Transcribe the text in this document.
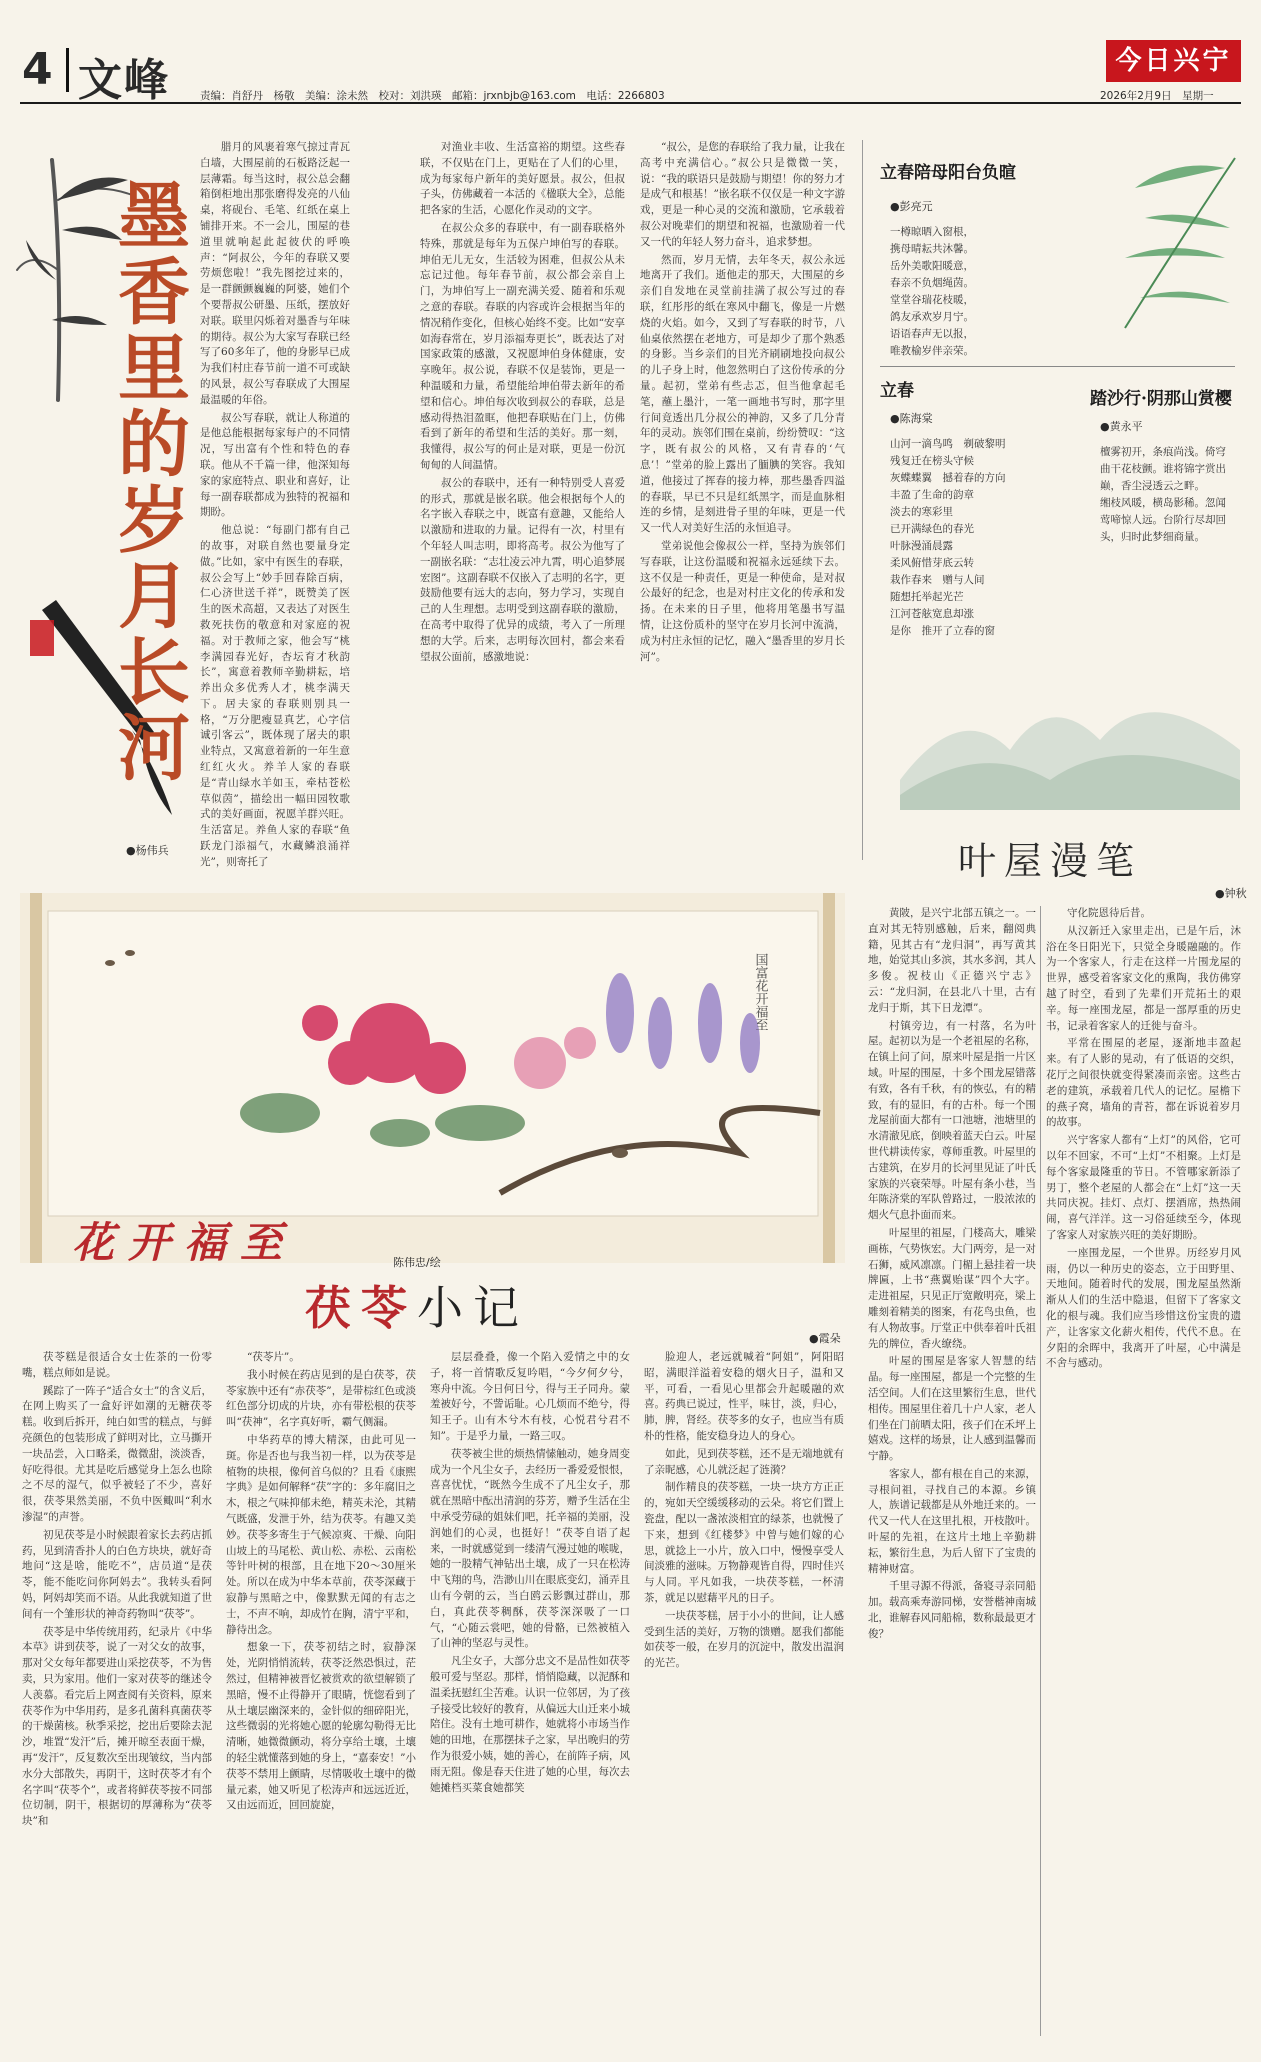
4 文峰	责编：肖舒丹　杨敬　美编：涂未然　校对：刘洪瑛　邮箱：jrxnbjb@163.com　电话：2266803
今日兴宁
2026年2月9日　星期一
墨香里的岁月长河
●杨伟兵

腊月的风裹着寒气掠过青瓦白墙，大围屋前的石板路泛起一层薄霜。每当这时，叔公总会翻箱倒柜地出那张磨得发亮的八仙桌，将砚台、毛笔、红纸在桌上铺排开来。不一会儿，围屋的巷道里就响起此起彼伏的呼唤声：“阿叔公，今年的春联又要劳烦您啦！”我先图挖过来的，是一群颤颤巍巍的阿婆，她们个个要帮叔公研墨、压纸，摆放好对联。联里闪烁着对墨香与年味的期待。叔公为大家写春联已经写了60多年了，他的身影早已成为我们村庄春节前一道不可或缺的风景，叔公写春联成了大围屋最温暖的年俗。

叔公写春联，就让人称道的是他总能根据每家每户的不同情况，写出富有个性和特色的春联。他从不千篇一律，他深知每家的家庭特点、职业和喜好，让每一副春联都成为独特的祝福和期盼。

他总说：“每副门都有自己的故事，对联自然也要量身定做。”比如，家中有医生的春联，叔公会写上“妙手回春除百病，仁心济世送千祥”，既赞美了医生的医术高超，又表达了对医生救死扶伤的敬意和对家庭的祝福。对于教师之家，他会写“桃李满园春光好，杏坛育才秋韵长”，寓意着教师辛勤耕耘，培养出众多优秀人才，桃李满天下。居夫家的春联则别具一格，“万分肥瘦显真艺，心字信诚引客云”，既体现了屠夫的职业特点，又寓意着新的一年生意红红火火。养羊人家的春联是“青山绿水羊如玉，牵枯苍松草似茵”，描绘出一幅田园牧歌式的美好画面，祝愿羊群兴旺。生活富足。养鱼人家的春联“鱼跃龙门添福气，水藏鳞浪涌祥光”，则寄托了

对渔业丰收、生活富裕的期望。这些春联，不仅贴在门上，更贴在了人们的心里，成为每家每户新年的美好愿景。叔公，但叔子头，仿佛藏着一本活的《楹联大全》，总能把各家的生活，心愿化作灵动的文字。

在叔公众多的春联中，有一副春联格外特殊，那就是每年为五保户坤伯写的春联。坤伯无儿无女，生活较为困难，但叔公从未忘记过他。每年春节前，叔公都会亲自上门，为坤伯写上一副充满关爱、随着和乐观之意的春联。春联的内容或许会根据当年的情况稍作变化，但核心始终不变。比如“安享如海春常在，岁月添福寿更长”，既表达了对国家政策的感激，又祝愿坤伯身体健康，安享晚年。叔公说，春联不仅是装饰，更是一种温暖和力量，希望能给坤伯带去新年的希望和信心。坤伯每次收到叔公的春联，总是感动得热泪盈眶，他把春联贴在门上，仿佛看到了新年的希望和生活的美好。那一刻，我懂得，叔公写的何止是对联，更是一份沉甸甸的人间温情。

叔公的春联中，还有一种特别受人喜爱的形式，那就是嵌名联。他会根据每个人的名字嵌入春联之中，既富有意趣，又能给人以激励和进取的力量。记得有一次，村里有个年轻人叫志明，即将高考。叔公为他写了一副嵌名联：“志壮凌云冲九霄，明心追梦展宏图”。这副春联不仅嵌入了志明的名字，更鼓励他要有远大的志向，努力学习，实现自己的人生理想。志明受到这副春联的激励，在高考中取得了优异的成绩，考入了一所理想的大学。后来，志明每次回村，都会来看望叔公面前，感激地说：

“叔公，是您的春联给了我力量，让我在高考中充满信心。”叔公只是微微一笑，说：“我的联语只是鼓励与期望！你的努力才是成气和根基！”嵌名联不仅仅是一种文字游戏，更是一种心灵的交流和激励，它承载着叔公对晚辈们的期望和祝福，也激励着一代又一代的年轻人努力奋斗，追求梦想。

然而，岁月无情，去年冬天，叔公永远地离开了我们。逝他走的那天，大围屋的乡亲们自发地在灵堂前挂满了叔公写过的春联，红彤彤的纸在寒风中翻飞，像是一片燃烧的火焰。如今，又到了写春联的时节，八仙桌依然摆在老地方，可是却少了那个熟悉的身影。当乡亲们的目光齐刷刷地投向叔公的儿子身上时，他忽然明白了这份传承的分量。起初，堂弟有些忐忑，但当他拿起毛笔，蘸上墨汁，一笔一画地书写时，那字里行间竟透出几分叔公的神韵，又多了几分青年的灵动。族邻们围在桌前，纷纷赞叹：“这字，既有叔公的风格，又有青春的‘气息’！”堂弟的脸上露出了腼腆的笑容。我知道，他接过了挥春的接力棒，那些墨香四溢的春联，早已不只是红纸黑字，而是血脉相连的乡情，是刻进骨子里的年味，更是一代又一代人对美好生活的永恒追寻。

堂弟说他会像叔公一样，坚持为族邻们写春联，让这份温暖和祝福永远延续下去。这不仅是一种责任，更是一种使命，是对叔公最好的纪念，也是对村庄文化的传承和发扬。在未来的日子里，他将用笔墨书写温情，让这份质朴的坚守在岁月长河中流淌，成为村庄永恒的记忆，融入“墨香里的岁月长河”。

立春陪母阳台负暄
●彭亮元
一樽晾晒入窗根，
携母晴耘共沐馨。
岳外美歌阳暖意，
春亲不负烟绳茵。
堂堂谷瑞花枝暖，
鸽友承欢岁月宁。
语语春声无以报，
唯教榆岁伴亲荣。
立春
●陈海棠
山河一滴鸟鸣　剃破黎明
残复迁在榜头守候
灰蝶蝶翼　撼着春的方向
丰盈了生命的韵章
淡去的寒彩里
已开满绿色的春光
叶脉漫涌晨露
柔风俯惜芽底云转
栽作春来　赠与人间
随想托举起光芒
江河苍舷宽息却涨
是你　推开了立春的窗
踏沙行·阴那山赏樱
●黄永平
檀雾初开，条痕尚浅。倚穹曲干花枝颤。谁将锦字赏出巅，香尘浸透云之畔。
缃枝风暖，横岛影稀。忽闻莺啼惊人远。台阶行尽却回头，归时此梦细商量。
叶屋漫笔
●钟秋

黄陂，是兴宁北部五镇之一。一直对其无特别感触，后来，翻阅典籍，见其古有“龙归洞”，再写黄其地，始觉其山多滨，其水多润，其人多俊。祝枝山《正德兴宁志》云：“龙归洞，在县北八十里，古有龙归于斯，其下日龙潭”。

村镇旁边，有一村落，名为叶屋。起初以为是一个老祖屋的名称，在镇上问了问，原来叶屋是指一片区域。叶屋的围屋，十多个围龙屋错落有致，各有千秋，有的恢弘，有的精致，有的显旧，有的古朴。每一个围龙屋前面大都有一口池塘，池塘里的水清澈见底，倒映着蓝天白云。叶屋世代耕读传家，尊师重教。叶屋里的古建筑，在岁月的长河里见证了叶氏家族的兴衰荣辱。叶屋有条小巷，当年陈济棠的军队曾路过，一股浓浓的烟火气息扑面而来。

叶屋里的祖屋，门楼高大，雕梁画栋，气势恢宏。大门两旁，是一对石狮，威风凛凛。门楣上悬挂着一块牌匾，上书“燕翼贻谋”四个大字。走进祖屋，只见正厅宽敞明亮，梁上雕刻着精美的图案，有花鸟虫鱼，也有人物故事。厅堂正中供奉着叶氏祖先的牌位，香火缭绕。

叶屋的围屋是客家人智慧的结晶。每一座围屋，都是一个完整的生活空间。人们在这里繁衍生息，世代相传。围屋里住着几十户人家，老人们坐在门前晒太阳，孩子们在禾坪上嬉戏。这样的场景，让人感到温馨而宁静。

客家人，都有根在自己的来源，寻根问祖，寻找自己的本源。乡镇人，族谱记载都是从外地迁来的。一代又一代人在这里扎根，开枝散叶。叶屋的先祖，在这片土地上辛勤耕耘，繁衍生息，为后人留下了宝贵的精神财富。

千里寻源不得派，备寝寻亲同船加。载高乘寿游同梯，安誉楷神南城北，谁解春风同船棉，数称最最更才俊？

守化院恩待后昔。

从汉新迁入家里走出，已是午后，沐浴在冬日阳光下，只觉全身暖融融的。作为一个客家人，行走在这样一片围龙屋的世界，感受着客家文化的熏陶，我仿佛穿越了时空，看到了先辈们开荒拓土的艰辛。每一座围龙屋，都是一部厚重的历史书，记录着客家人的迁徙与奋斗。

平常在围屋的老屋，逐渐地丰盈起来。有了人影的晃动，有了低语的交织，花厅之间很快就变得紧凑而亲密。这些古老的建筑，承载着几代人的记忆。屋檐下的燕子窝，墙角的青苔，都在诉说着岁月的故事。

兴宁客家人都有“上灯”的风俗，它可以年不回家，不可“上灯”不相聚。上灯是每个客家最隆重的节日。不管哪家新添了男丁，整个老屋的人都会在“上灯”这一天共同庆祝。挂灯、点灯、摆酒席，热热闹闹，喜气洋洋。这一习俗延续至今，体现了客家人对家族兴旺的美好期盼。

一座围龙屋，一个世界。历经岁月风雨，仍以一种历史的姿态，立于田野里、天地间。随着时代的发展，围龙屋虽然渐渐从人们的生活中隐退，但留下了客家文化的根与魂。我们应当珍惜这份宝贵的遗产，让客家文化薪火相传，代代不息。在夕阳的余晖中，我离开了叶屋，心中满是不舍与感动。

国富花开福至
花开福至	陈伟忠/绘
茯苓小记
●霞朵

茯苓糕是很适合女士佐茶的一份零嘴，糕点师如是说。

蹊踪了一阵子“适合女士”的含义后，在网上购买了一盒好评如潮的无糖茯苓糕。收到后拆开，纯白如雪的糕点，与鲜亮颜色的包装形成了鲜明对比，立马撕开一块品尝，入口略柔，微微甜，淡淡香，好吃得很。尤其是吃后感觉身上怎么也除之不尽的湿气，似乎被轻了不少，喜好很，茯苓果然美丽，不负中医鲰叫“利水渗湿”的声誉。

初见茯苓是小时候跟着家长去药店抓药，见到清香扑人的白色方块块，就好奇地问“这是啥，能吃不”，店员道“是茯苓，能不能吃问你阿妈去”。我转头看阿妈，阿妈却笑而不语。从此我就知道了世间有一个雏形状的神奇药物叫“茯苓”。

茯苓是中华传统用药，纪录片《中华本草》讲到茯苓，说了一对父女的故事，那对父女每年都要进山采挖茯苓，不为售卖，只为家用。他们一家对茯苓的继述令人羡慕。看完后上网查阅有关资料，原来茯苓作为中华用药，是多孔菌科真菌茯苓的干燥菌核。秋季采挖，挖出后要除去泥沙，堆置“发汗”后，摊开晾至表面干燥，再“发汗”，反复数次至出现皱纹，当内部水分大部散失，再阴干，这时茯苓才有个名字叫“茯苓个”，或者将鲜茯苓按不同部位切制，阴干，根据切的厚薄称为“茯苓块”和

“茯苓片”。

我小时候在药店见到的是白茯苓，茯苓家族中还有“赤茯苓”，是带棕红色或淡红色部分切成的片块，亦有带松根的茯苓叫“茯神”，名字真好听，霸气侧漏。

中华药草的博大精深，由此可见一斑。你是否也与我当初一样，以为茯苓是植物的块根，像何首乌似的？且看《康熙字典》是如何解释“茯”字的：多年腐旧之木，根之气味抑郁未绝，精英未沦，其精气既盛，发泄于外，结为茯苓。有趣又美妙。茯苓多寄生于气候凉爽、干燥、向阳山坡上的马尾松、黄山松、赤松、云南松等针叶树的根部，且在地下20～30厘米处。所以在成为中华本草前，茯苓深藏于寂静与黑暗之中，像默默无闻的有志之士，不声不响，却成竹在胸，清宁平和，静待出念。

想象一下，茯苓初结之时，寂静深处，光阴悄悄流转，茯苓泛然恐惧过，茫然过，但精神被晋忆被赏欢的欲望解锁了黑暗，慢不止得静开了眼睛，恍惚看到了从土壤层幽深来的，金针似的细碎阳光，这些微弱的光将她心愿的轮廓勾勒得无比清晰，她微微颤动，将分享给土壤，土壤的轻尘就懂落到她的身上，“嘉泰安！”小茯苓不禁用上颤睛，尽情吸收土壤中的微量元素，她又听见了松涛声和远远近近，又由远而近，回回旋旋，

层层叠叠，像一个陷入爱情之中的女子，将一首情歌反复吟唱，“今夕何夕兮，寒舟中流。今日何日兮，得与王子同舟。蒙羞被好兮，不訾诟耻。心几烦而不绝兮，得知王子。山有木兮木有枝，心悦君兮君不知”。于是乎力量，一路三叹。

茯苓被尘世的烦热情愫触动，她身周变成为一个凡尘女子，去经历一番爱爱恨恨，喜喜忧忧，“既然今生成不了凡尘女子，那就在黑暗中酝出清润的芬芳，赠予生活在尘中承受劳碌的姐妹们吧，托辛福的美丽，没润她们的心灵，也挺好！”茯苓自语了起来，一时就感觉到一缕清气漫过她的喉咙，她的一股精气神钻出土壤，成了一只在松涛中飞翔的鸟，浩渺山川在眼底变幻，涌弄且山有今朝的云，当白鸥云影飘过群山，那白，真此茯苓稠酥，茯苓深深吸了一口气，“心随云裳吧，她的骨骼，已然被植入了山神的坚忍与灵性。

凡尘女子，大部分忠文不是品性如茯苓般可爱与坚忍。那样，悄悄隐藏，以泥酥和温柔抚慰红尘苦难。认识一位邻居，为了孩子接受比较好的教育，从偏远大山迁来小城陪住。没有土地可耕作，她就将小市场当作她的田地，在那摆抹子之家，早出晚归的劳作为很爱小姨，她的善心，在前阵子病，风雨无阻。像是春天住进了她的心里，每次去她摊档买菜食她都笑

脸迎人，老远就喊着“阿姐”，阿阳昭昭，满眼洋溢着安稳的烟火日子，温和又平，可看，一看见心里都会升起暖融的欢喜。药典已说过，性平，味甘，淡，归心，肺，脾，肾经。茯苓多的女子，也应当有质朴的性格，能安稳身边人的身心。

如此，见到茯苓糕，还不是无端地就有了亲昵感，心儿就泛起了涟漪？

制作精良的茯苓糕，一块一块方方正正的，宛如天空缓缓移动的云朵。将它们置上瓷盘，配以一盏浓淡相宜的绿茶，也就慢了下来，想到《红楼梦》中曾与她们嫁的心思，就捻上一小片，放入口中，慢慢享受人间淡雅的滋味。万物静观皆自得，四时佳兴与人同。平凡如我，一块茯苓糕，一杯清茶，就足以慰藉平凡的日子。

一块茯苓糕，居于小小的世间，让人感受到生活的美好，万物的馈赠。愿我们都能如茯苓一般，在岁月的沉淀中，散发出温润的光芒。
